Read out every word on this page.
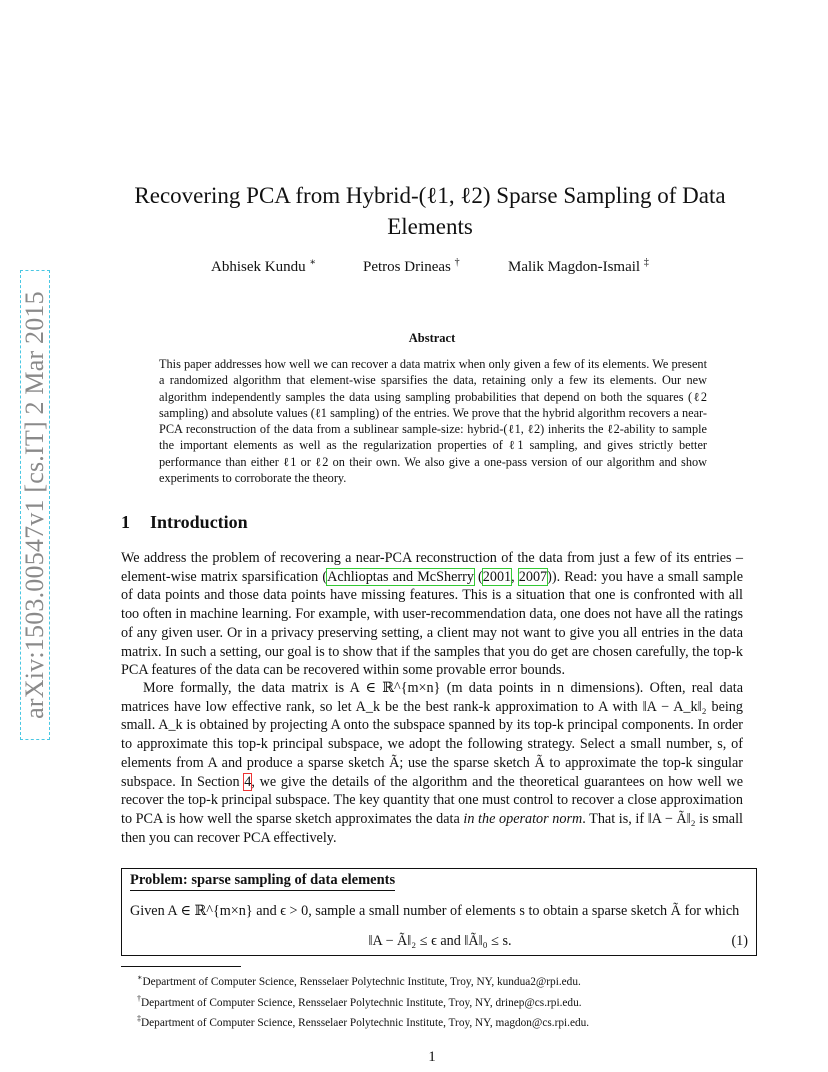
arXiv:1503.00547v1 [cs.IT] 2 Mar 2015
Recovering PCA from Hybrid-(ℓ1, ℓ2) Sparse Sampling of Data Elements
Abhisek Kundu ∗	Petros Drineas †	Malik Magdon-Ismail ‡
Abstract
This paper addresses how well we can recover a data matrix when only given a few of its elements. We present a randomized algorithm that element-wise sparsifies the data, retaining only a few its elements. Our new algorithm independently samples the data using sampling probabilities that depend on both the squares (ℓ2 sampling) and absolute values (ℓ1 sampling) of the entries. We prove that the hybrid algorithm recovers a near-PCA reconstruction of the data from a sublinear sample-size: hybrid-(ℓ1, ℓ2) inherits the ℓ2-ability to sample the important elements as well as the regularization properties of ℓ1 sampling, and gives strictly better performance than either ℓ1 or ℓ2 on their own. We also give a one-pass version of our algorithm and show experiments to corroborate the theory.
1 Introduction
We address the problem of recovering a near-PCA reconstruction of the data from just a few of its entries – element-wise matrix sparsification (Achlioptas and McSherry (2001, 2007)). Read: you have a small sample of data points and those data points have missing features. This is a situation that one is confronted with all too often in machine learning. For example, with user-recommendation data, one does not have all the ratings of any given user. Or in a privacy preserving setting, a client may not want to give you all entries in the data matrix. In such a setting, our goal is to show that if the samples that you do get are chosen carefully, the top-k PCA features of the data can be recovered within some provable error bounds.
More formally, the data matrix is A ∈ ℝ^{m×n} (m data points in n dimensions). Often, real data matrices have low effective rank, so let A_k be the best rank-k approximation to A with ‖A − A_k‖₂ being small. A_k is obtained by projecting A onto the subspace spanned by its top-k principal components. In order to approximate this top-k principal subspace, we adopt the following strategy. Select a small number, s, of elements from A and produce a sparse sketch Ã; use the sparse sketch Ã to approximate the top-k singular subspace. In Section 4, we give the details of the algorithm and the theoretical guarantees on how well we recover the top-k principal subspace. The key quantity that one must control to recover a close approximation to PCA is how well the sparse sketch approximates the data in the operator norm. That is, if ‖A − Ã‖₂ is small then you can recover PCA effectively.
Problem: sparse sampling of data elements
Given A ∈ ℝ^{m×n} and ϵ > 0, sample a small number of elements s to obtain a sparse sketch Ã for which
‖A − Ã‖₂ ≤ ϵ and ‖Ã‖₀ ≤ s.	(1)
∗Department of Computer Science, Rensselaer Polytechnic Institute, Troy, NY, kundua2@rpi.edu.
†Department of Computer Science, Rensselaer Polytechnic Institute, Troy, NY, drinep@cs.rpi.edu.
‡Department of Computer Science, Rensselaer Polytechnic Institute, Troy, NY, magdon@cs.rpi.edu.
1
